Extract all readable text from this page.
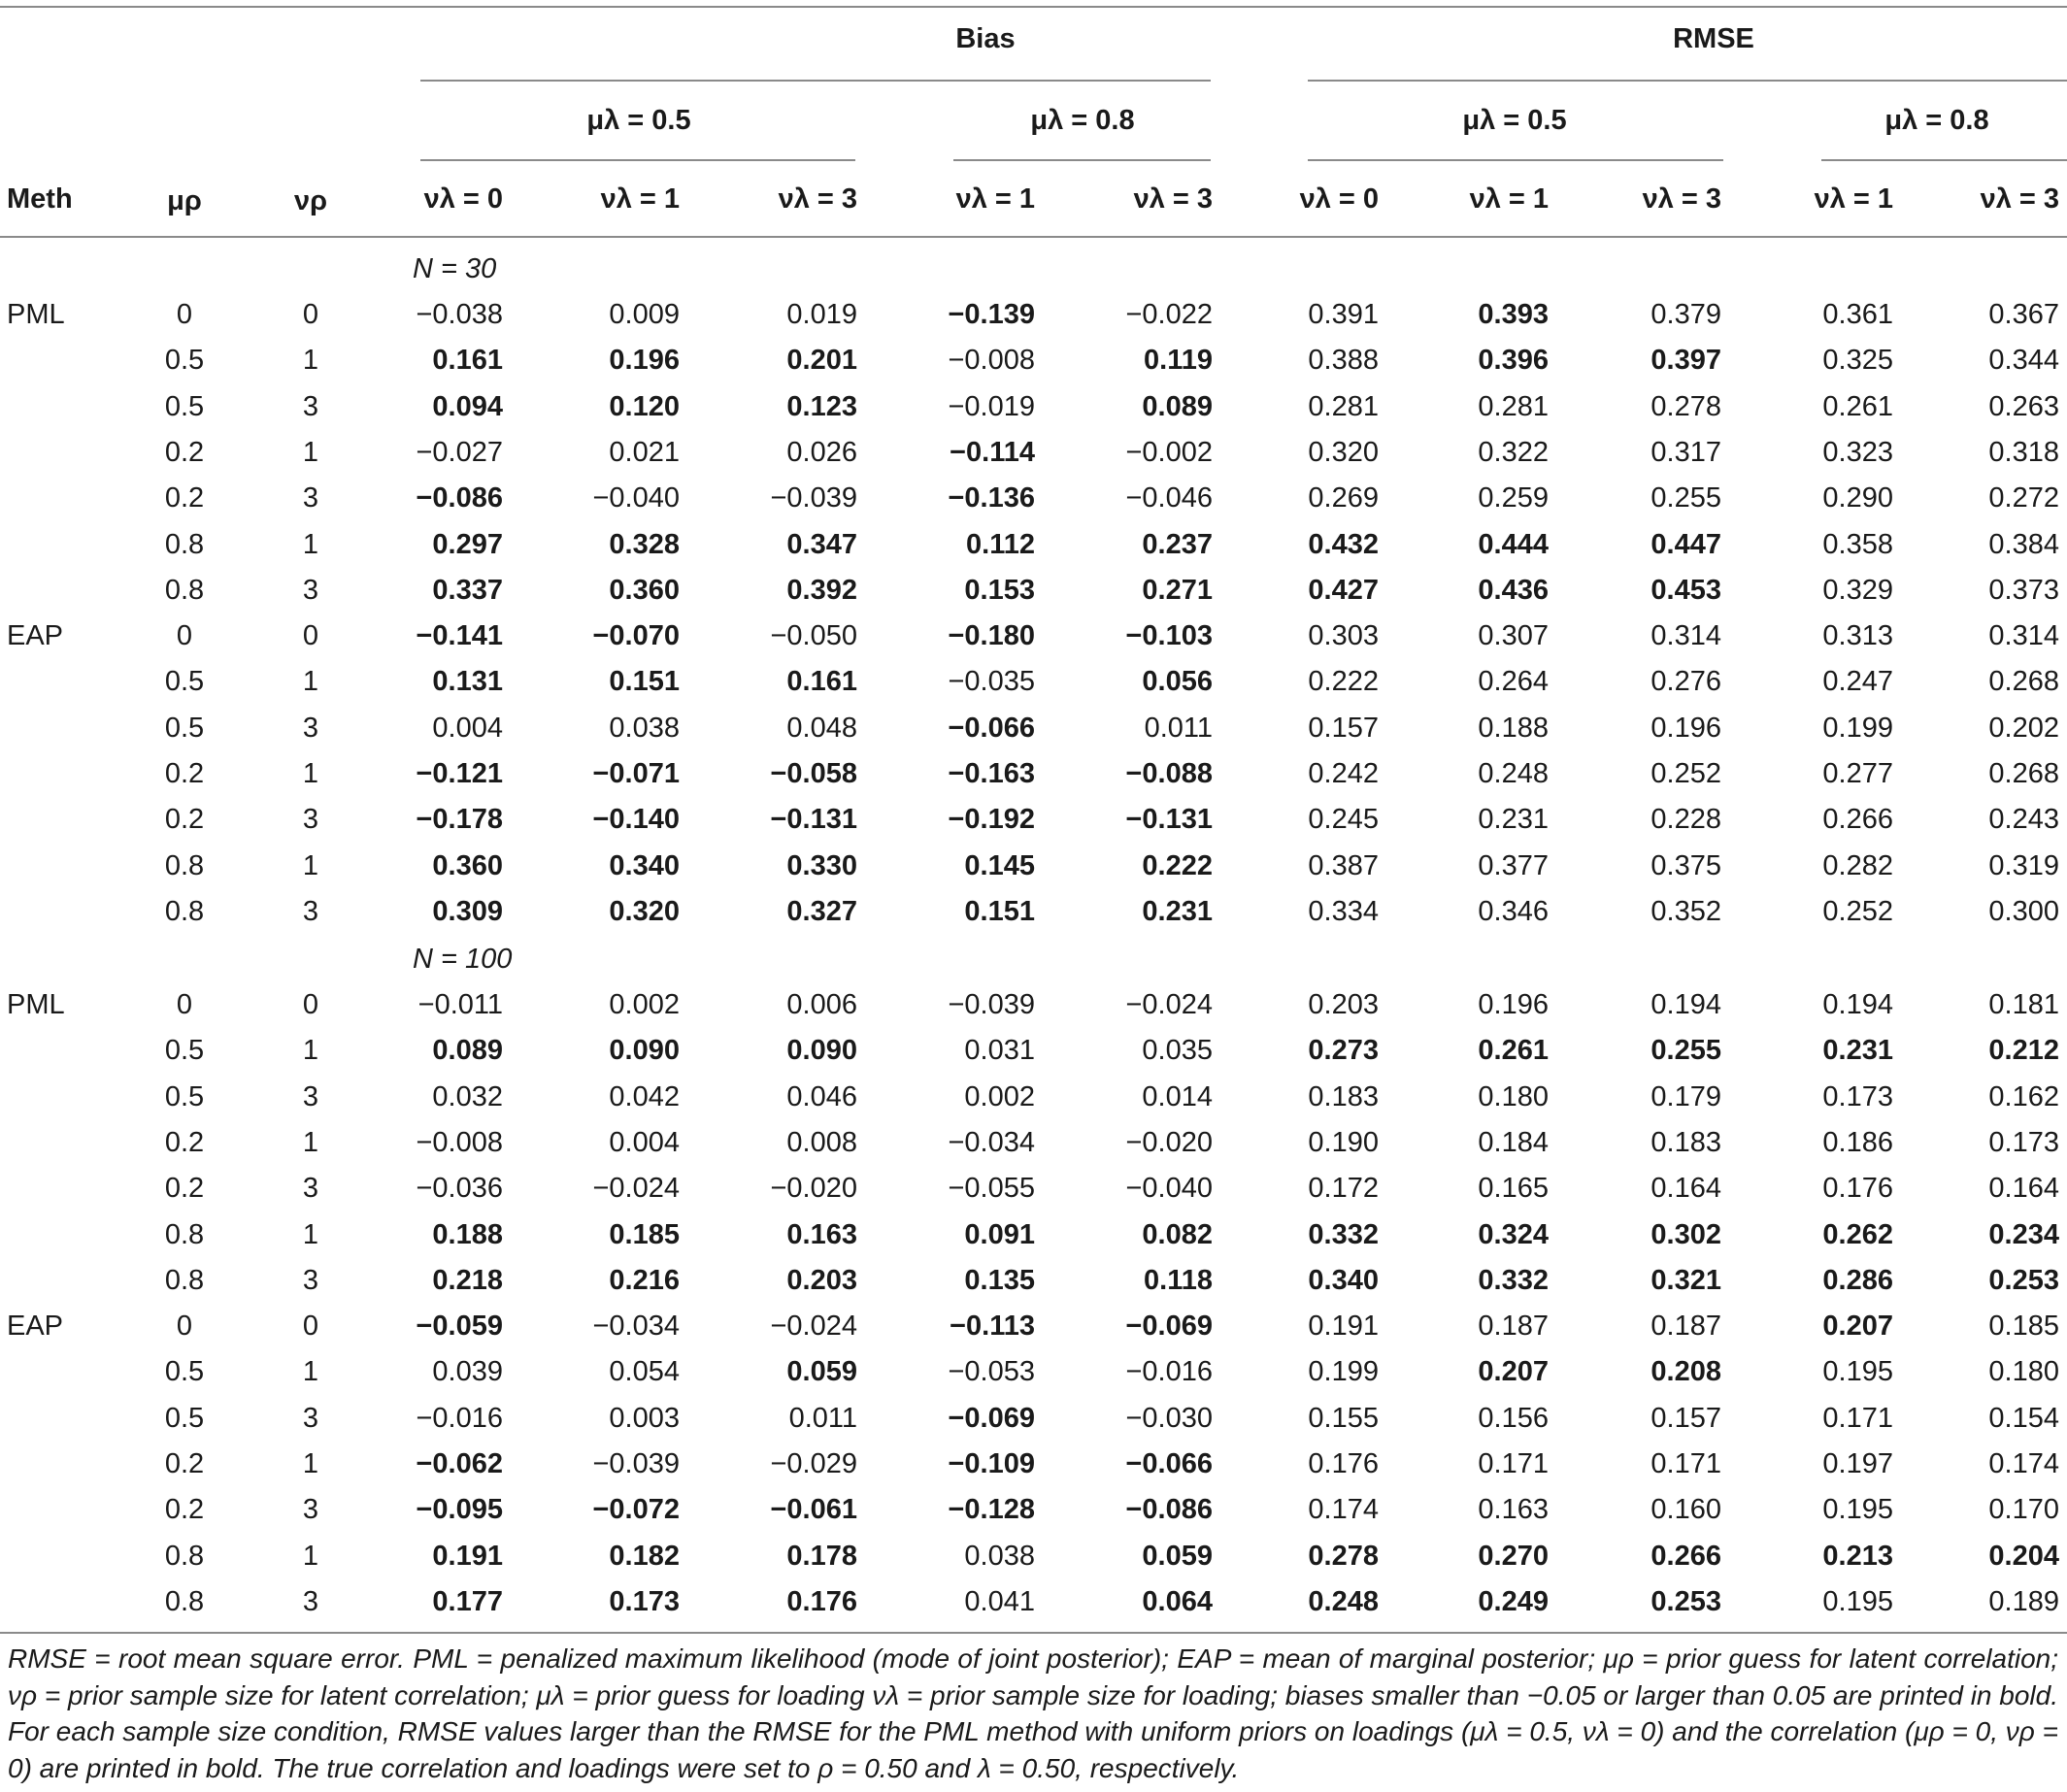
Bias	RMSE
μλ = 0.5	μλ = 0.8	μλ = 0.5	μλ = 0.8
Meth	μρ	νρ	νλ = 0	νλ = 1	νλ = 3	νλ = 1	νλ = 3	νλ = 0	νλ = 1	νλ = 3	νλ = 1	νλ = 3
N = 30
PML	0	0	−0.038	0.009	0.019	−0.139	−0.022	0.391	0.393	0.379	0.361	0.367
0.5	1	0.161	0.196	0.201	−0.008	0.119	0.388	0.396	0.397	0.325	0.344
0.5	3	0.094	0.120	0.123	−0.019	0.089	0.281	0.281	0.278	0.261	0.263
0.2	1	−0.027	0.021	0.026	−0.114	−0.002	0.320	0.322	0.317	0.323	0.318
0.2	3	−0.086	−0.040	−0.039	−0.136	−0.046	0.269	0.259	0.255	0.290	0.272
0.8	1	0.297	0.328	0.347	0.112	0.237	0.432	0.444	0.447	0.358	0.384
0.8	3	0.337	0.360	0.392	0.153	0.271	0.427	0.436	0.453	0.329	0.373
EAP	0	0	−0.141	−0.070	−0.050	−0.180	−0.103	0.303	0.307	0.314	0.313	0.314
0.5	1	0.131	0.151	0.161	−0.035	0.056	0.222	0.264	0.276	0.247	0.268
0.5	3	0.004	0.038	0.048	−0.066	0.011	0.157	0.188	0.196	0.199	0.202
0.2	1	−0.121	−0.071	−0.058	−0.163	−0.088	0.242	0.248	0.252	0.277	0.268
0.2	3	−0.178	−0.140	−0.131	−0.192	−0.131	0.245	0.231	0.228	0.266	0.243
0.8	1	0.360	0.340	0.330	0.145	0.222	0.387	0.377	0.375	0.282	0.319
0.8	3	0.309	0.320	0.327	0.151	0.231	0.334	0.346	0.352	0.252	0.300
N = 100
PML	0	0	−0.011	0.002	0.006	−0.039	−0.024	0.203	0.196	0.194	0.194	0.181
0.5	1	0.089	0.090	0.090	0.031	0.035	0.273	0.261	0.255	0.231	0.212
0.5	3	0.032	0.042	0.046	0.002	0.014	0.183	0.180	0.179	0.173	0.162
0.2	1	−0.008	0.004	0.008	−0.034	−0.020	0.190	0.184	0.183	0.186	0.173
0.2	3	−0.036	−0.024	−0.020	−0.055	−0.040	0.172	0.165	0.164	0.176	0.164
0.8	1	0.188	0.185	0.163	0.091	0.082	0.332	0.324	0.302	0.262	0.234
0.8	3	0.218	0.216	0.203	0.135	0.118	0.340	0.332	0.321	0.286	0.253
EAP	0	0	−0.059	−0.034	−0.024	−0.113	−0.069	0.191	0.187	0.187	0.207	0.185
0.5	1	0.039	0.054	0.059	−0.053	−0.016	0.199	0.207	0.208	0.195	0.180
0.5	3	−0.016	0.003	0.011	−0.069	−0.030	0.155	0.156	0.157	0.171	0.154
0.2	1	−0.062	−0.039	−0.029	−0.109	−0.066	0.176	0.171	0.171	0.197	0.174
0.2	3	−0.095	−0.072	−0.061	−0.128	−0.086	0.174	0.163	0.160	0.195	0.170
0.8	1	0.191	0.182	0.178	0.038	0.059	0.278	0.270	0.266	0.213	0.204
0.8	3	0.177	0.173	0.176	0.041	0.064	0.248	0.249	0.253	0.195	0.189
RMSE = root mean square error. PML = penalized maximum likelihood (mode of joint posterior); EAP = mean of marginal posterior; μρ = prior guess for latent correlation; νρ = prior sample size for latent correlation; μλ = prior guess for loading νλ = prior sample size for loading; biases smaller than −0.05 or larger than 0.05 are printed in bold. For each sample size condition, RMSE values larger than the RMSE for the PML method with uniform priors on loadings (μλ = 0.5, νλ = 0) and the correlation (μρ = 0, νρ = 0) are printed in bold. The true correlation and loadings were set to ρ = 0.50 and λ = 0.50, respectively.
